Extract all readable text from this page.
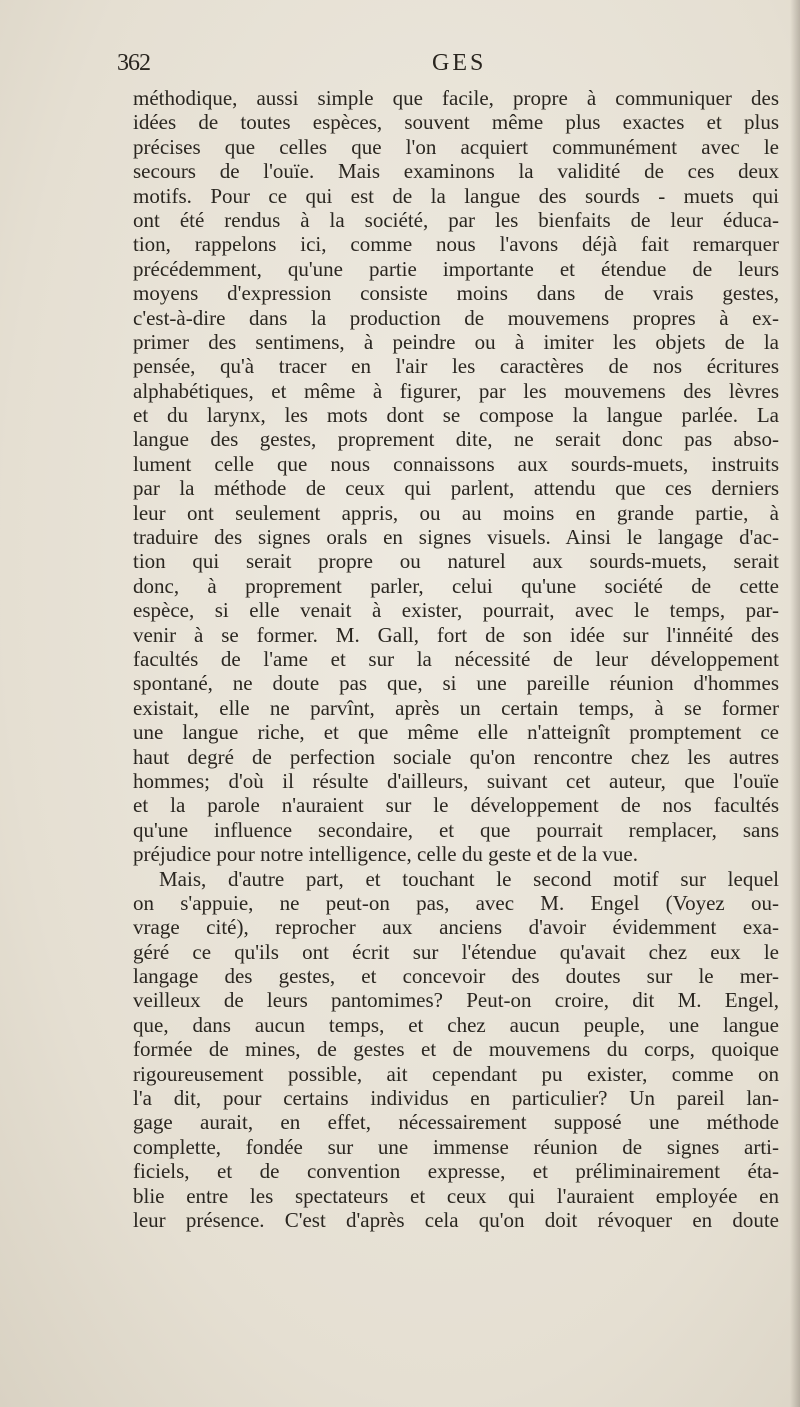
362	GES
méthodique, aussi simple que facile, propre à communiquer des
idées de toutes espèces, souvent même plus exactes et plus
précises que celles que l'on acquiert communément avec le
secours de l'ouïe. Mais examinons la validité de ces deux
motifs. Pour ce qui est de la langue des sourds - muets qui
ont été rendus à la société, par les bienfaits de leur éduca-
tion, rappelons ici, comme nous l'avons déjà fait remarquer
précédemment, qu'une partie importante et étendue de leurs
moyens d'expression consiste moins dans de vrais gestes,
c'est-à-dire dans la production de mouvemens propres à ex-
primer des sentimens, à peindre ou à imiter les objets de la
pensée, qu'à tracer en l'air les caractères de nos écritures
alphabétiques, et même à figurer, par les mouvemens des lèvres
et du larynx, les mots dont se compose la langue parlée. La
langue des gestes, proprement dite, ne serait donc pas abso-
lument celle que nous connaissons aux sourds-muets, instruits
par la méthode de ceux qui parlent, attendu que ces derniers
leur ont seulement appris, ou au moins en grande partie, à
traduire des signes orals en signes visuels. Ainsi le langage d'ac-
tion qui serait propre ou naturel aux sourds-muets, serait
donc, à proprement parler, celui qu'une société de cette
espèce, si elle venait à exister, pourrait, avec le temps, par-
venir à se former. M. Gall, fort de son idée sur l'innéité des
facultés de l'ame et sur la nécessité de leur développement
spontané, ne doute pas que, si une pareille réunion d'hommes
existait, elle ne parvînt, après un certain temps, à se former
une langue riche, et que même elle n'atteignît promptement ce
haut degré de perfection sociale qu'on rencontre chez les autres
hommes; d'où il résulte d'ailleurs, suivant cet auteur, que l'ouïe
et la parole n'auraient sur le développement de nos facultés
qu'une influence secondaire, et que pourrait remplacer, sans
préjudice pour notre intelligence, celle du geste et de la vue.
Mais, d'autre part, et touchant le second motif sur lequel
on s'appuie, ne peut-on pas, avec M. Engel (Voyez ou-
vrage cité), reprocher aux anciens d'avoir évidemment exa-
géré ce qu'ils ont écrit sur l'étendue qu'avait chez eux le
langage des gestes, et concevoir des doutes sur le mer-
veilleux de leurs pantomimes? Peut-on croire, dit M. Engel,
que, dans aucun temps, et chez aucun peuple, une langue
formée de mines, de gestes et de mouvemens du corps, quoique
rigoureusement possible, ait cependant pu exister, comme on
l'a dit, pour certains individus en particulier? Un pareil lan-
gage aurait, en effet, nécessairement supposé une méthode
complette, fondée sur une immense réunion de signes arti-
ficiels, et de convention expresse, et préliminairement éta-
blie entre les spectateurs et ceux qui l'auraient employée en
leur présence. C'est d'après cela qu'on doit révoquer en doute
